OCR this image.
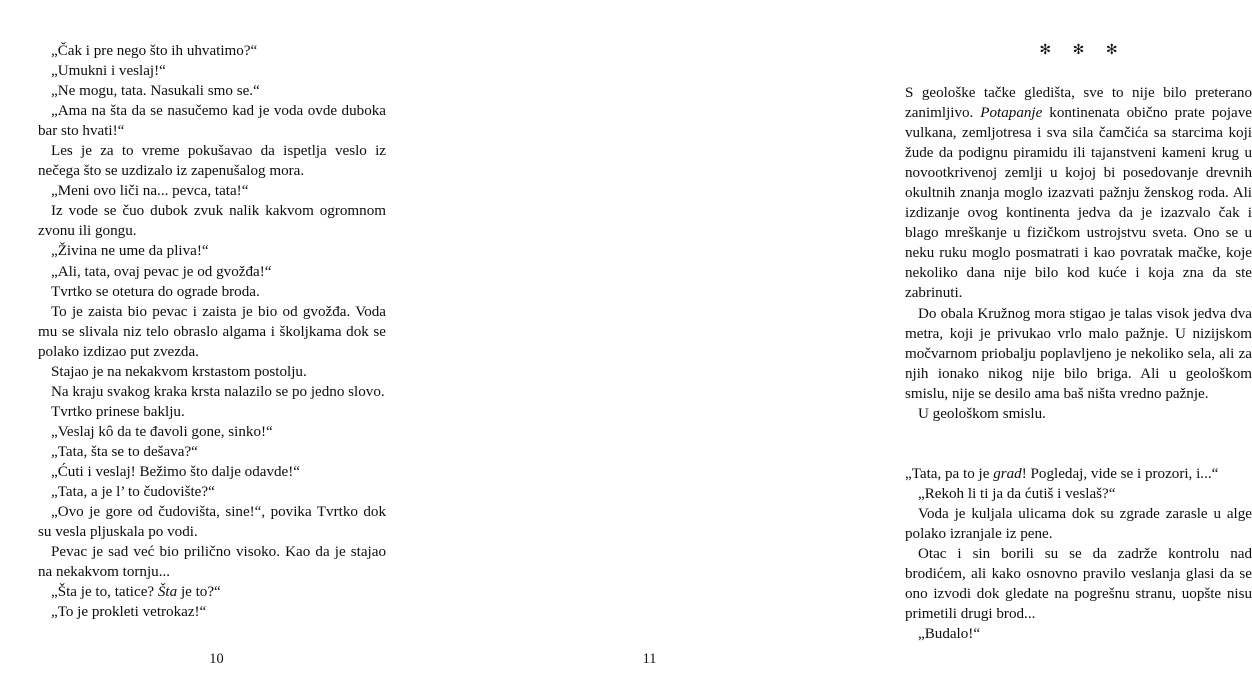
„Čak i pre nego što ih uhvatimo?“

„Umukni i veslaj!“

„Ne mogu, tata. Nasukali smo se.“

„Ama na šta da se nasučemo kad je voda ovde duboka bar sto hvati!“

Les je za to vreme pokušavao da ispetlja veslo iz nečega što se uzdizalo iz zapenušalog mora.

„Meni ovo liči na... pevca, tata!“

Iz vode se čuo dubok zvuk nalik kakvom ogromnom zvonu ili gongu.

„Živina ne ume da pliva!“

„Ali, tata, ovaj pevac je od gvožđa!“

Tvrtko se otetura do ograde broda.

To je zaista bio pevac i zaista je bio od gvožđa. Voda mu se slivala niz telo obraslo algama i školjkama dok se polako izdizao put zvezda.

Stajao je na nekakvom krstastom postolju.

Na kraju svakog kraka krsta nalazilo se po jedno slovo.

Tvrtko prinese baklju.

„Veslaj kô da te đavoli gone, sinko!“

„Tata, šta se to dešava?“

„Ćuti i veslaj! Bežimo što dalje odavde!“

„Tata, a je l’ to čudovište?“

„Ovo je gore od čudovišta, sine!“, povika Tvrtko dok su vesla pljuskala po vodi.

Pevac je sad već bio prilično visoko. Kao da je stajao na nekakvom tornju...

„Šta je to, tatice? Šta je to?“

„To je prokleti vetrokaz!“

10

✻ ✻ ✻

S geološke tačke gledišta, sve to nije bilo preterano zanimljivo. Potapanje kontinenata obično prate pojave vulkana, zemljotresa i sva sila čamčića sa starcima koji žude da podignu piramidu ili tajanstveni kameni krug u novootkrivenoj zemlji u kojoj bi posedovanje drevnih okultnih znanja moglo izazvati pažnju ženskog roda. Ali izdizanje ovog kontinenta jedva da je izazvalo čak i blago mreškanje u fizičkom ustrojstvu sveta. Ono se u neku ruku moglo posmatrati i kao povratak mačke, koje nekoliko dana nije bilo kod kuće i koja zna da ste zabrinuti.

Do obala Kružnog mora stigao je talas visok jedva dva metra, koji je privukao vrlo malo pažnje. U nizijskom močvarnom priobalju poplavljeno je nekoliko sela, ali za njih ionako nikog nije bilo briga. Ali u geološkom smislu, nije se desilo ama baš ništa vredno pažnje.

U geološkom smislu.

„Tata, pa to je grad! Pogledaj, vide se i prozori, i...“

„Rekoh li ti ja da ćutiš i veslaš?“

Voda je kuljala ulicama dok su zgrade zarasle u alge polako izranjale iz pene.

Otac i sin borili su se da zadrže kontrolu nad brodićem, ali kako osnovno pravilo veslanja glasi da se ono izvodi dok gledate na pogrešnu stranu, uopšte nisu primetili drugi brod...

„Budalo!“

11
